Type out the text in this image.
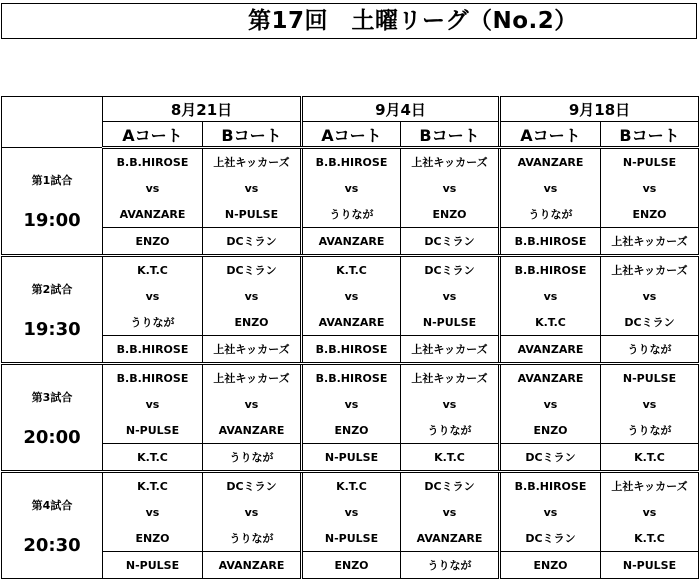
第17回　土曜リーグ（No.2）
	8月21日		9月4日		9月18日	
	Aコート	Bコート	Aコート	Bコート	Aコート	Bコート

第1試合
19:00	B.B.HIROSE	上社キッカーズ	B.B.HIROSE	上社キッカーズ	AVANZARE	N-PULSE
	vs	vs	vs	vs	vs	vs
	AVANZARE	N-PULSE	うりなが	ENZO	うりなが	ENZO
	ENZO	DCミラン	AVANZARE	DCミラン	B.B.HIROSE	上社キッカーズ

第2試合
19:30	K.T.C	DCミラン	K.T.C	DCミラン	B.B.HIROSE	上社キッカーズ
	vs	vs	vs	vs	vs	vs
	うりなが	ENZO	AVANZARE	N-PULSE	K.T.C	DCミラン
	B.B.HIROSE	上社キッカーズ	B.B.HIROSE	上社キッカーズ	AVANZARE	うりなが

第3試合
20:00	B.B.HIROSE	上社キッカーズ	B.B.HIROSE	上社キッカーズ	AVANZARE	N-PULSE
	vs	vs	vs	vs	vs	vs
	N-PULSE	AVANZARE	ENZO	うりなが	ENZO	うりなが
	K.T.C	うりなが	N-PULSE	K.T.C	DCミラン	K.T.C

第4試合
20:30	K.T.C	DCミラン	K.T.C	DCミラン	B.B.HIROSE	上社キッカーズ
	vs	vs	vs	vs	vs	vs
	ENZO	うりなが	N-PULSE	AVANZARE	DCミラン	K.T.C
	N-PULSE	AVANZARE	ENZO	うりなが	ENZO	N-PULSE
